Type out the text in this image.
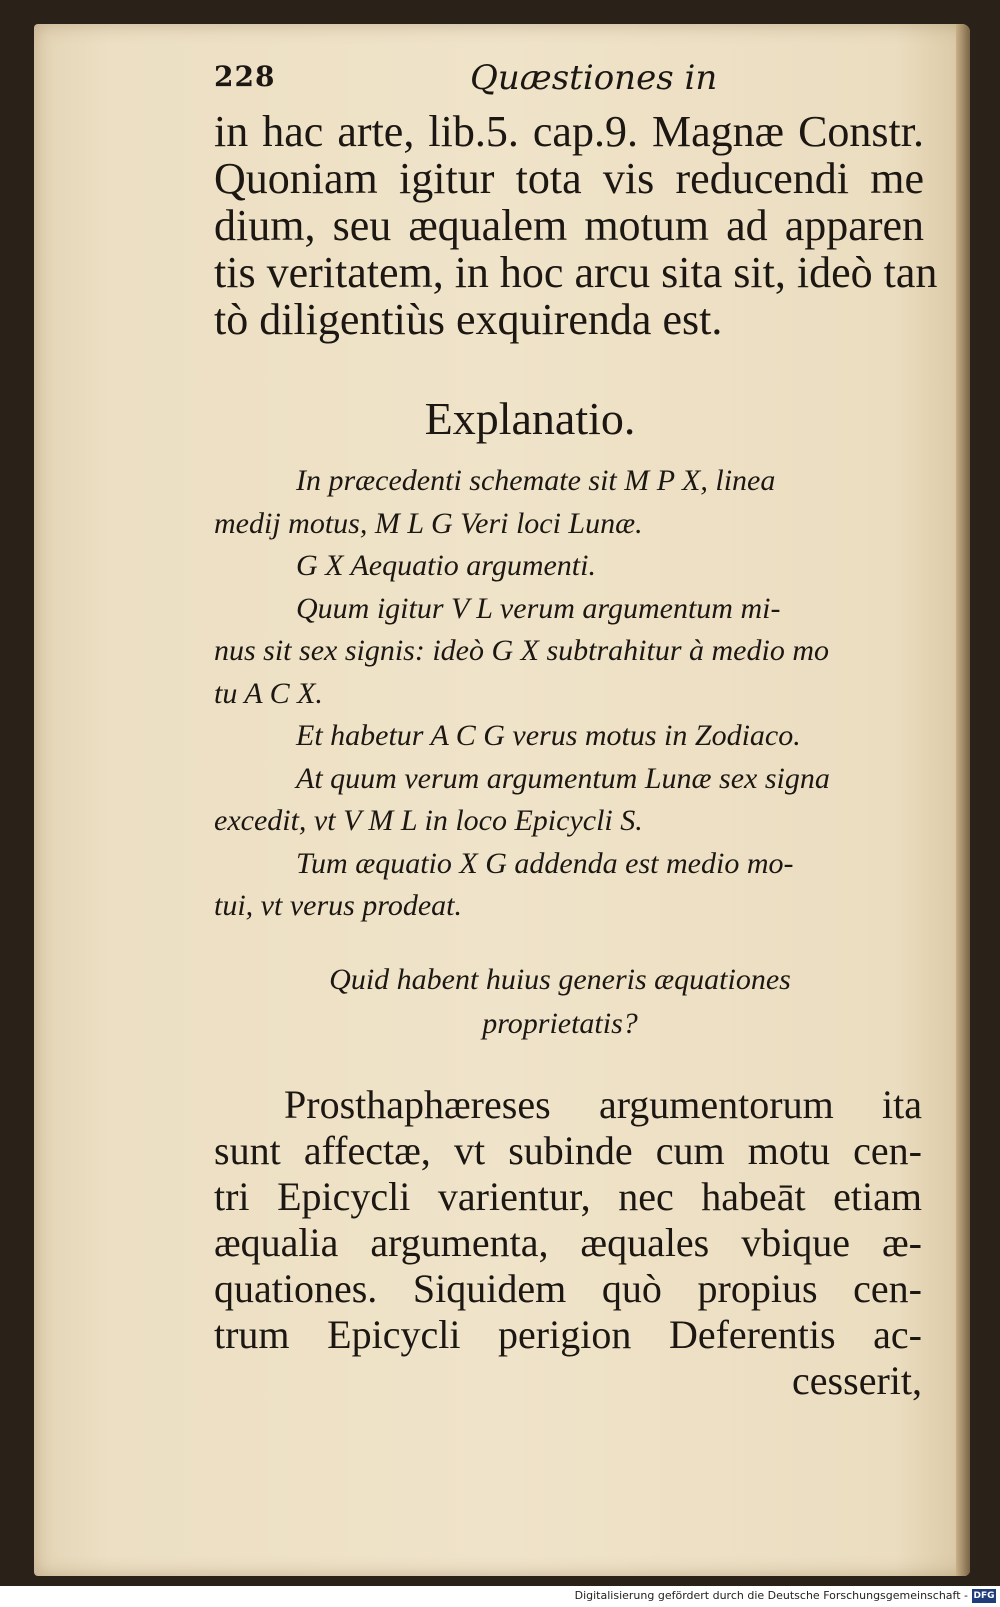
228	Quæstiones in
in hac arte, lib.5. cap.9. Magnæ Constr.
Quoniam igitur tota vis reducendi me
dium, seu æqualem motum ad apparen
tis veritatem, in hoc arcu sita sit, ideò tan
tò diligentiùs exquirenda est.
Explanatio.
In præcedenti schemate sit M P X, linea
medij motus, M L G Veri loci Lunæ.
G X Aequatio argumenti.
Quum igitur V L verum argumentum mi-
nus sit sex signis: ideò G X subtrahitur à medio mo
tu A C X.
Et habetur A C G verus motus in Zodiaco.
At quum verum argumentum Lunæ sex signa
excedit, vt V M L in loco Epicycli S.
Tum æquatio X G addenda est medio mo-
tui, vt verus prodeat.
Quid habent huius generis æquationes
proprietatis?
Prosthaphæreses argumentorum ita
sunt affectæ, vt subinde cum motu cen-
tri Epicycli varientur, nec habeāt etiam
æqualia argumenta, æquales vbique æ-
quationes. Siquidem quò propius cen-
trum Epicycli perigion Deferentis ac-
cesserit,
Digitalisierung gefördert durch die Deutsche Forschungsgemeinschaft - DFG
